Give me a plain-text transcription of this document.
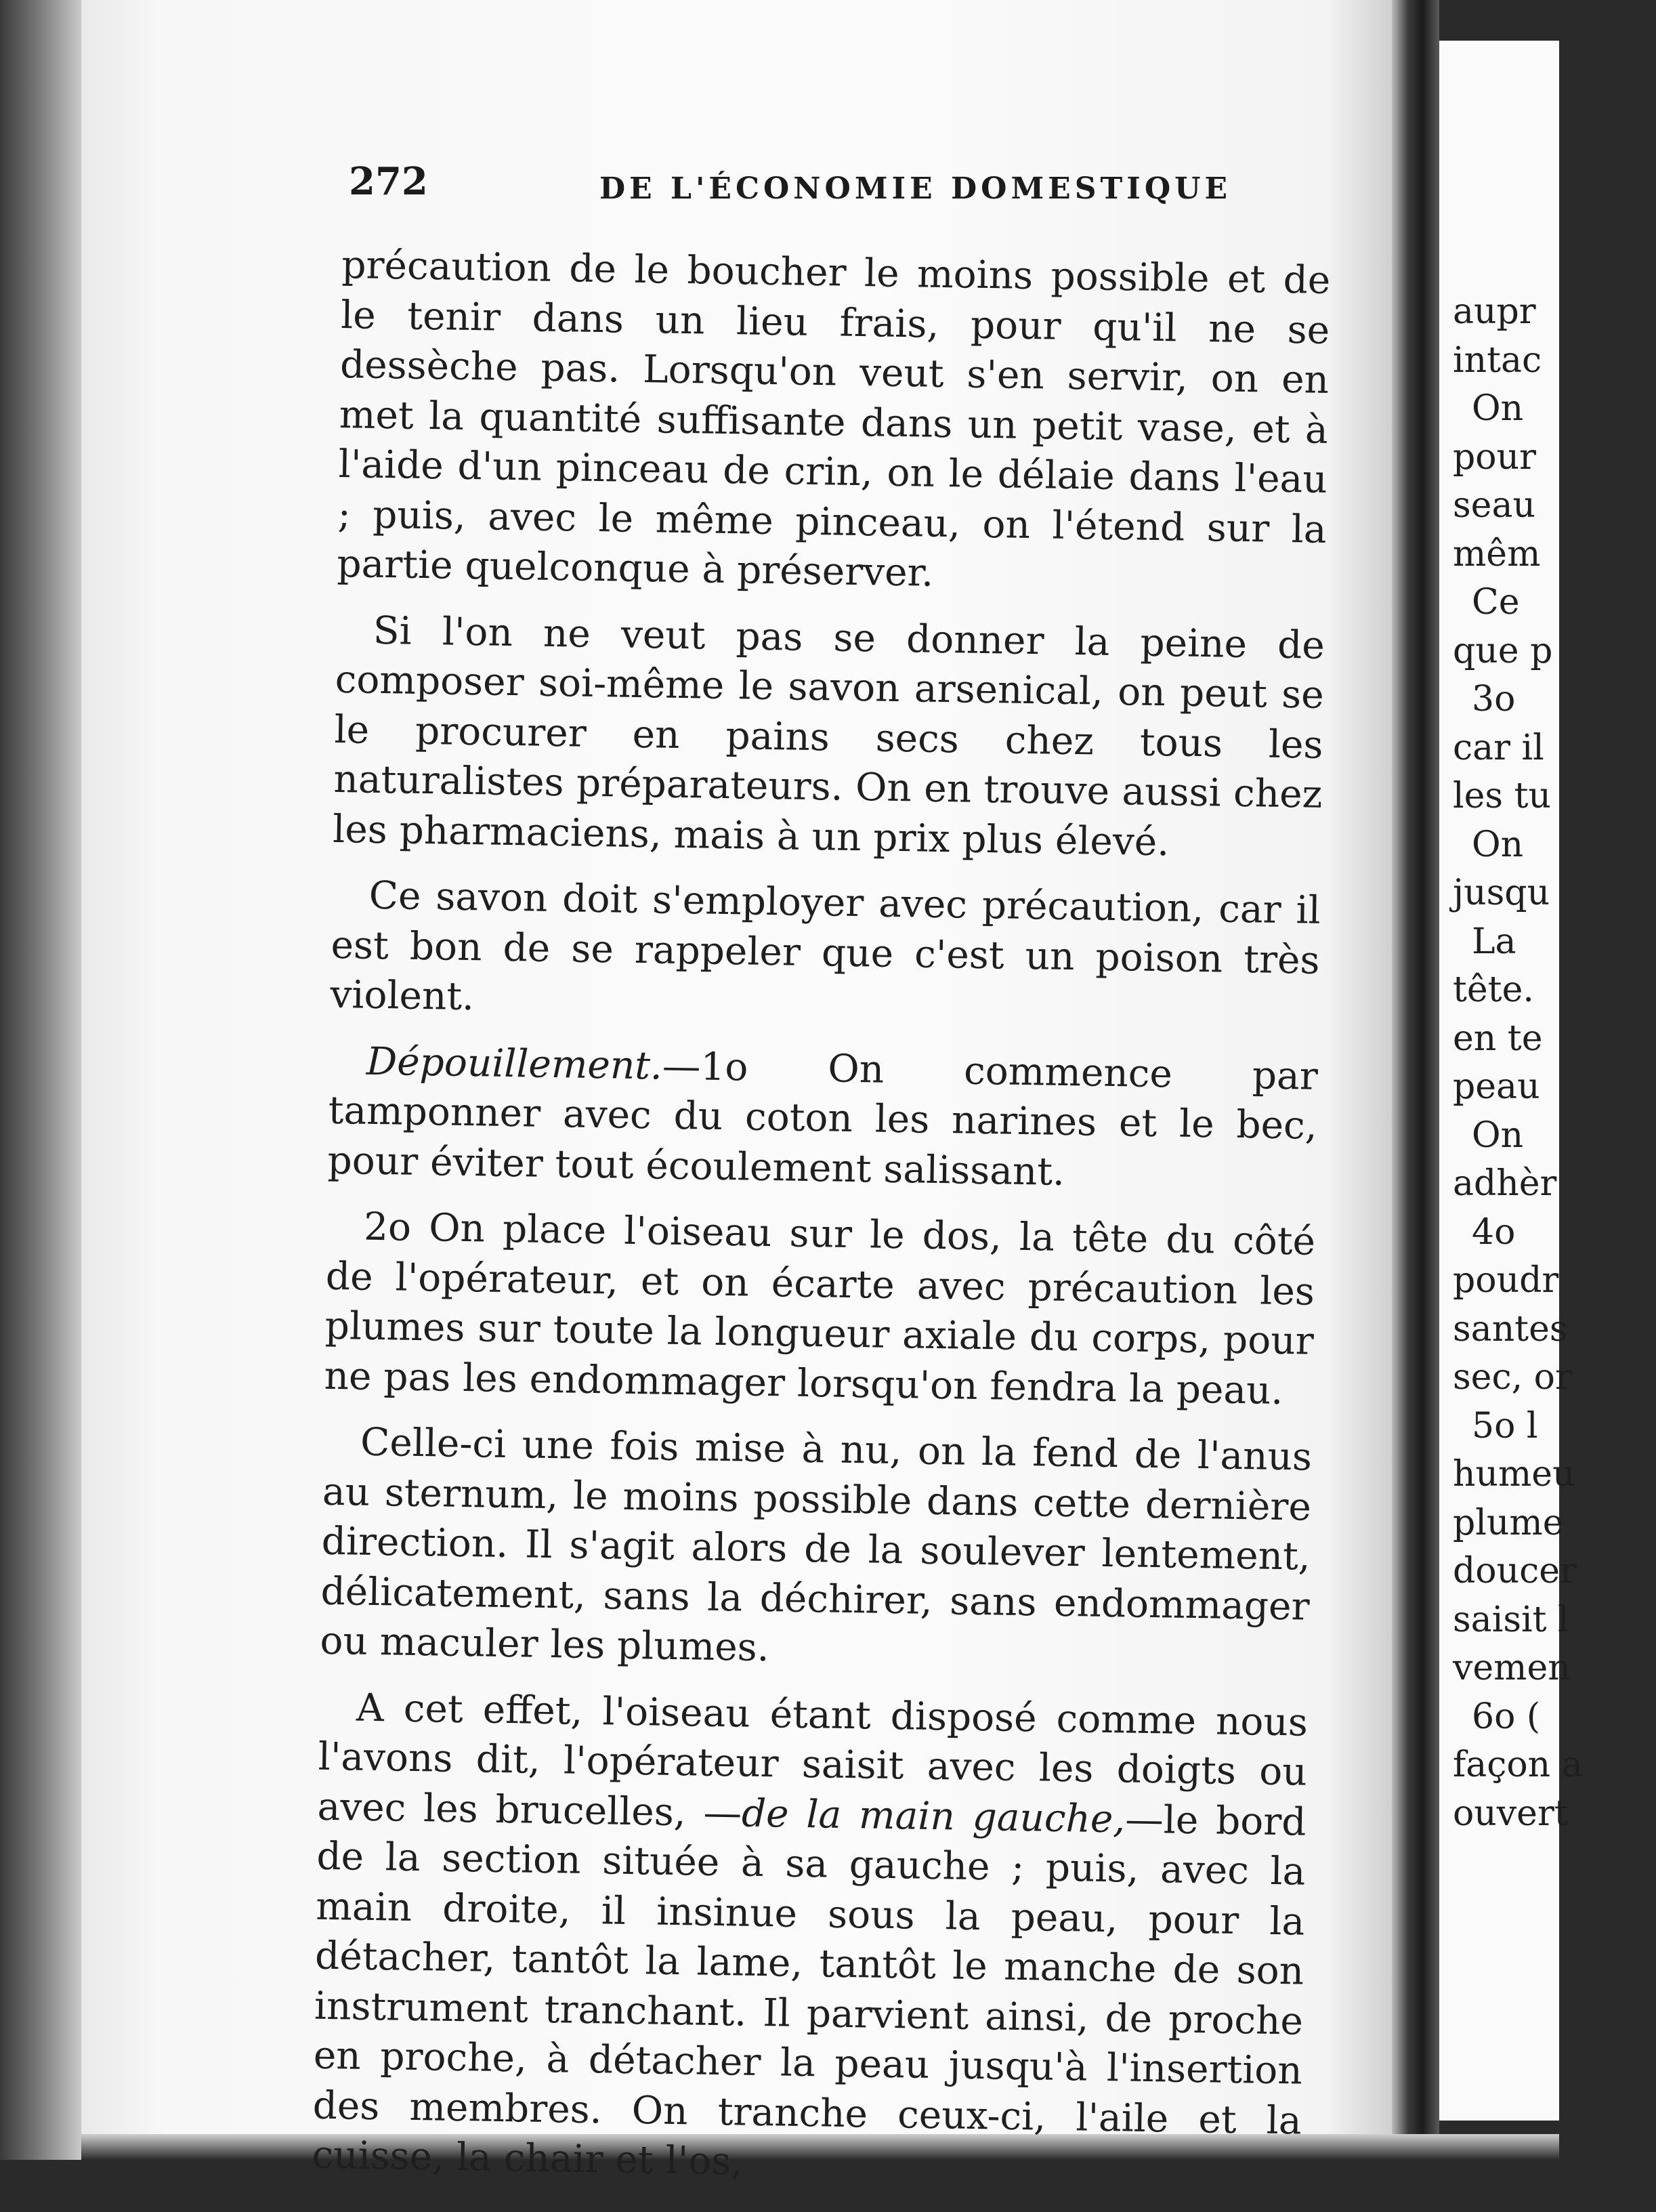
272	DE L'ÉCONOMIE DOMESTIQUE

précaution de le boucher le moins possible et de le tenir dans un lieu frais, pour qu'il ne se dessèche pas. Lorsqu'on veut s'en servir, on en met la quantité suffisante dans un petit vase, et à l'aide d'un pinceau de crin, on le délaie dans l'eau ; puis, avec le même pinceau, on l'étend sur la partie quelconque à préserver.

Si l'on ne veut pas se donner la peine de composer soi-même le savon arsenical, on peut se le procurer en pains secs chez tous les naturalistes préparateurs. On en trouve aussi chez les pharmaciens, mais à un prix plus élevé.

Ce savon doit s'employer avec précaution, car il est bon de se rappeler que c'est un poison très violent.

Dépouillement.—1o On commence par tamponner avec du coton les narines et le bec, pour éviter tout écoulement salissant.

2o On place l'oiseau sur le dos, la tête du côté de l'opérateur, et on écarte avec précaution les plumes sur toute la longueur axiale du corps, pour ne pas les endommager lorsqu'on fendra la peau.

Celle-ci une fois mise à nu, on la fend de l'anus au sternum, le moins possible dans cette dernière direction. Il s'agit alors de la soulever lentement, délicatement, sans la déchirer, sans endommager ou maculer les plumes.

A cet effet, l'oiseau étant disposé comme nous l'avons dit, l'opérateur saisit avec les doigts ou avec les brucelles, —de la main gauche,—le bord de la section située à sa gauche ; puis, avec la main droite, il insinue sous la peau, pour la détacher, tantôt la lame, tantôt le manche de son instrument tranchant. Il parvient ainsi, de proche en proche, à détacher la peau jusqu'à l'insertion des membres. On tranche ceux-ci, l'aile et la cuisse, la chair et l'os,

aupr
intac
On
pour
seau
mêm
Ce
que p
3o
car il
les tu
On
jusqu
La
tête.
en te
peau
On
adhèr
4o
poudr
santes
sec, or
5o l
humeu
plume
doucer
saisit l
vemen
6o (
façon a
ouvert
